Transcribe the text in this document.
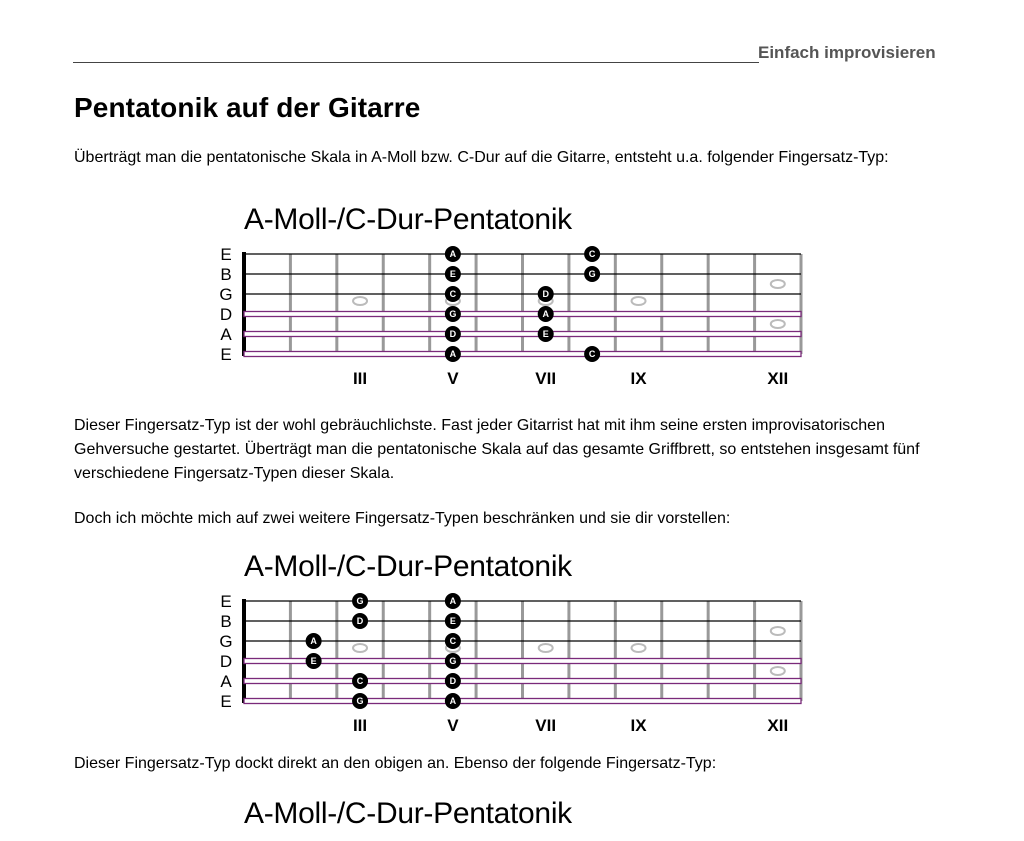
Einfach improvisieren
Pentatonik auf der Gitarre
Überträgt man die pentatonische Skala in A-Moll bzw. C-Dur auf die Gitarre, entsteht u.a. folgender Fingersatz-Typ:
A-Moll-/C-Dur-Pentatonik
E
B
G
D
A
E
A	C
E	G
C	D
G	A
D	E
A	C
III	V	VII	IX	XII
Dieser Fingersatz-Typ ist der wohl gebräuchlichste. Fast jeder Gitarrist hat mit ihm seine ersten improvisatorischen Gehversuche gestartet. Überträgt man die pentatonische Skala auf das gesamte Griffbrett, so entstehen insgesamt fünf verschiedene Fingersatz-Typen dieser Skala.
Doch ich möchte mich auf zwei weitere Fingersatz-Typen beschränken und sie dir vorstellen:
A-Moll-/C-Dur-Pentatonik
E
B
G
D
A
E
G	A
D	E
A	C
E	G
C	D
G	A
III	V	VII	IX	XII
Dieser Fingersatz-Typ dockt direkt an den obigen an. Ebenso der folgende Fingersatz-Typ:
A-Moll-/C-Dur-Pentatonik
